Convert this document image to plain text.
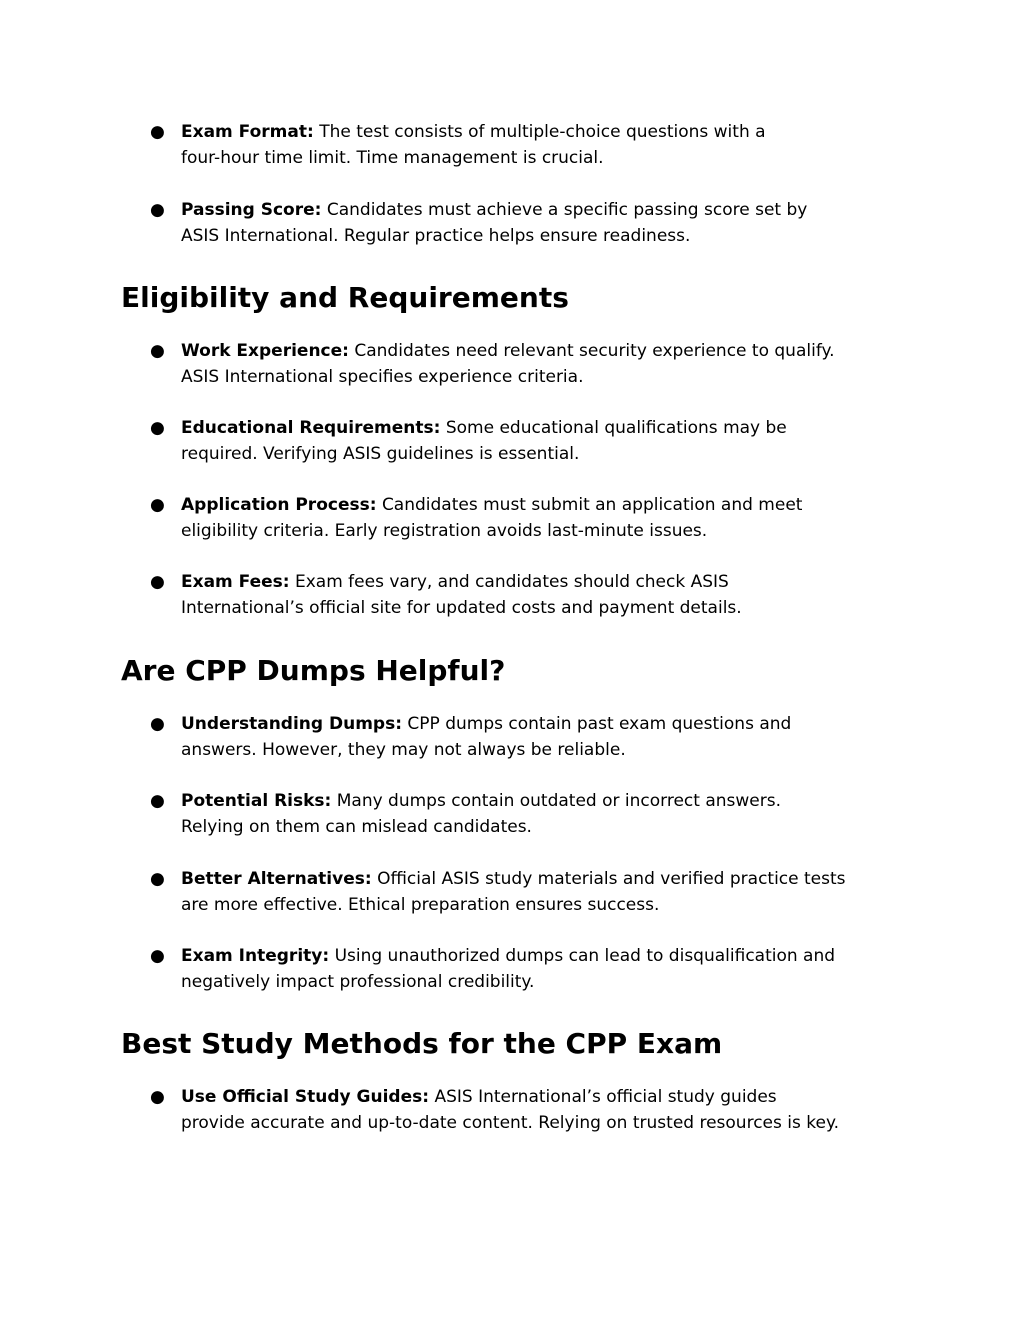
● Exam Format: The test consists of multiple-choice questions with a
four-hour time limit. Time management is crucial.
● Passing Score: Candidates must achieve a specific passing score set by
ASIS International. Regular practice helps ensure readiness.
Eligibility and Requirements
● Work Experience: Candidates need relevant security experience to qualify.
ASIS International specifies experience criteria.
● Educational Requirements: Some educational qualifications may be
required. Verifying ASIS guidelines is essential.
● Application Process: Candidates must submit an application and meet
eligibility criteria. Early registration avoids last-minute issues.
● Exam Fees: Exam fees vary, and candidates should check ASIS
International’s official site for updated costs and payment details.
Are CPP Dumps Helpful?
● Understanding Dumps: CPP dumps contain past exam questions and
answers. However, they may not always be reliable.
● Potential Risks: Many dumps contain outdated or incorrect answers.
Relying on them can mislead candidates.
● Better Alternatives: Official ASIS study materials and verified practice tests
are more effective. Ethical preparation ensures success.
● Exam Integrity: Using unauthorized dumps can lead to disqualification and
negatively impact professional credibility.
Best Study Methods for the CPP Exam
● Use Official Study Guides: ASIS International’s official study guides
provide accurate and up-to-date content. Relying on trusted resources is key.
